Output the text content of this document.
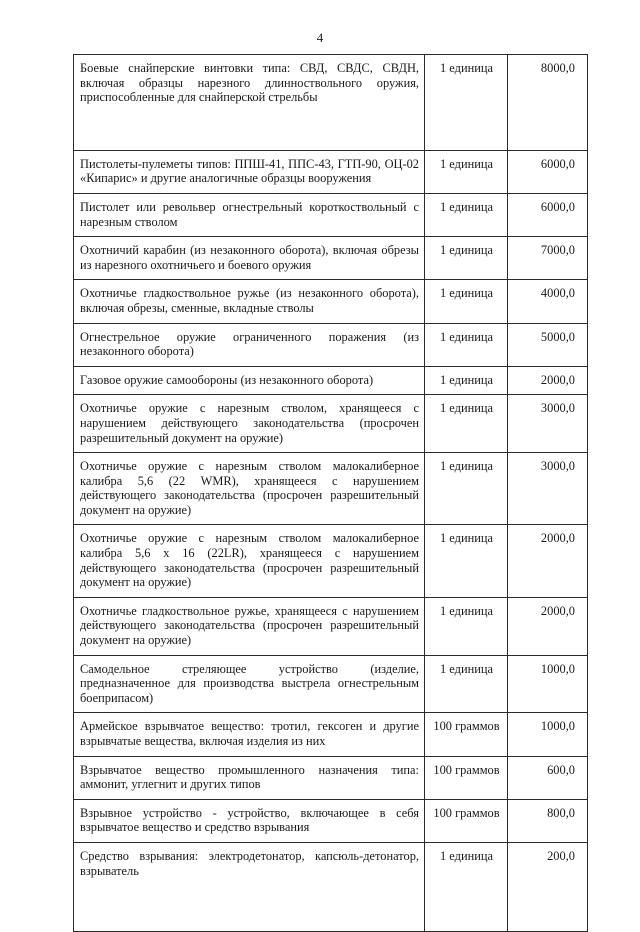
4
Боевые снайперские винтовки типа: СВД, СВДС, СВДН, включая образцы нарезного длинноствольного оружия, приспособленные для снайперской стрельбы	1 единица	8000,0
Пистолеты-пулеметы типов: ППШ-41, ППС-43, ГТП-90, ОЦ-02 «Кипарис» и другие аналогичные образцы вооружения	1 единица	6000,0
Пистолет или револьвер огнестрельный короткоствольный с нарезным стволом	1 единица	6000,0
Охотничий карабин (из незаконного оборота), включая обрезы из нарезного охотничьего и боевого оружия	1 единица	7000,0
Охотничье гладкоствольное ружье (из незаконного оборота), включая обрезы, сменные, вкладные стволы	1 единица	4000,0
Огнестрельное оружие ограниченного поражения (из незаконного оборота)	1 единица	5000,0
Газовое оружие самообороны (из незаконного оборота)	1 единица	2000,0
Охотничье оружие с нарезным стволом, хранящееся с нарушением действующего законодательства (просрочен разрешительный документ на оружие)	1 единица	3000,0
Охотничье оружие с нарезным стволом малокалиберное калибра 5,6 (22 WMR), хранящееся с нарушением действующего законодательства (просрочен разрешительный документ на оружие)	1 единица	3000,0
Охотничье оружие с нарезным стволом малокалиберное калибра 5,6 x 16 (22LR), хранящееся с нарушением действующего законодательства (просрочен разрешительный документ на оружие)	1 единица	2000,0
Охотничье гладкоствольное ружье, хранящееся с нарушением действующего законодательства (просрочен разрешительный документ на оружие)	1 единица	2000,0
Самодельное стреляющее устройство (изделие, предназначенное для производства выстрела огнестрельным боеприпасом)	1 единица	1000,0
Армейское взрывчатое вещество: тротил, гексоген и другие взрывчатые вещества, включая изделия из них	100 граммов	1000,0
Взрывчатое вещество промышленного назначения типа: аммонит, углегнит и других типов	100 граммов	600,0
Взрывное устройство - устройство, включающее в себя взрывчатое вещество и средство взрывания	100 граммов	800,0
Средство взрывания: электродетонатор, капсюль-детонатор, взрыватель	1 единица	200,0
